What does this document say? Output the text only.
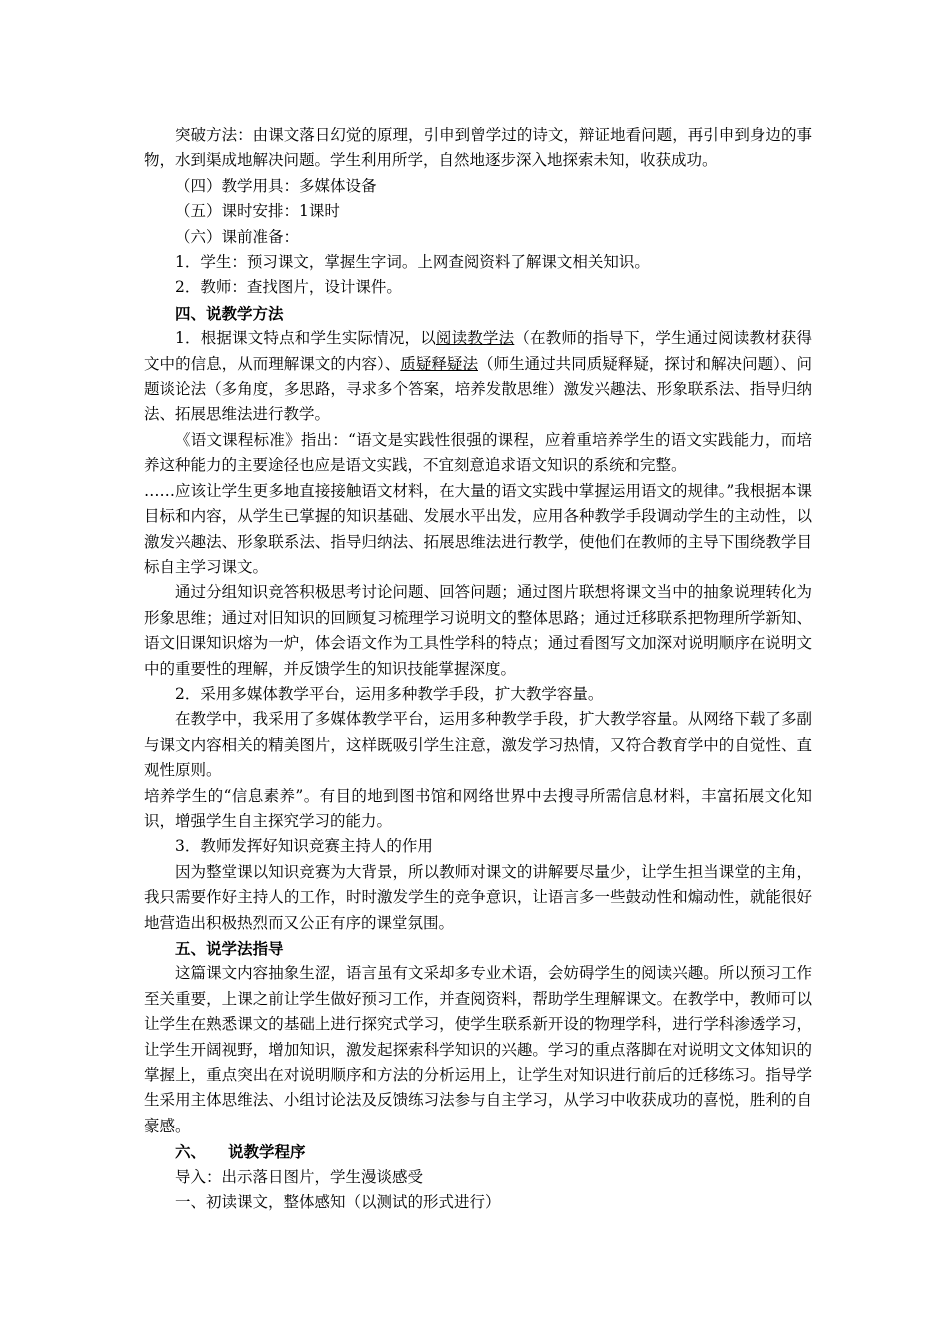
突破方法：由课文落日幻觉的原理，引申到曾学过的诗文，辩证地看问题，再引申到身边的事物，水到渠成地解决问题。学生利用所学，自然地逐步深入地探索未知，收获成功。

（四）教学用具：多媒体设备

（五）课时安排：1课时

（六）课前准备：

1．学生：预习课文，掌握生字词。上网查阅资料了解课文相关知识。

2．教师：查找图片，设计课件。

四、说教学方法

1．根据课文特点和学生实际情况，以阅读教学法（在教师的指导下，学生通过阅读教材获得文中的信息，从而理解课文的内容）、质疑释疑法（师生通过共同质疑释疑，探讨和解决问题）、问题谈论法（多角度，多思路，寻求多个答案，培养发散思维）激发兴趣法、形象联系法、指导归纳法、拓展思维法进行教学。

《语文课程标准》指出：“语文是实践性很强的课程，应着重培养学生的语文实践能力，而培养这种能力的主要途径也应是语文实践，不宜刻意追求语文知识的系统和完整。

……应该让学生更多地直接接触语文材料，在大量的语文实践中掌握运用语文的规律。”我根据本课目标和内容，从学生已掌握的知识基础、发展水平出发，应用各种教学手段调动学生的主动性，以激发兴趣法、形象联系法、指导归纳法、拓展思维法进行教学，使他们在教师的主导下围绕教学目标自主学习课文。

通过分组知识竞答积极思考讨论问题、回答问题；通过图片联想将课文当中的抽象说理转化为形象思维；通过对旧知识的回顾复习梳理学习说明文的整体思路；通过迁移联系把物理所学新知、语文旧课知识熔为一炉，体会语文作为工具性学科的特点；通过看图写文加深对说明顺序在说明文中的重要性的理解，并反馈学生的知识技能掌握深度。

2．采用多媒体教学平台，运用多种教学手段，扩大教学容量。

在教学中，我采用了多媒体教学平台，运用多种教学手段，扩大教学容量。从网络下载了多副与课文内容相关的精美图片，这样既吸引学生注意，激发学习热情，又符合教育学中的自觉性、直观性原则。

培养学生的“信息素养”。有目的地到图书馆和网络世界中去搜寻所需信息材料，丰富拓展文化知识，增强学生自主探究学习的能力。

3．教师发挥好知识竞赛主持人的作用

因为整堂课以知识竞赛为大背景，所以教师对课文的讲解要尽量少，让学生担当课堂的主角，我只需要作好主持人的工作，时时激发学生的竞争意识，让语言多一些鼓动性和煽动性，就能很好地营造出积极热烈而又公正有序的课堂氛围。

五、说学法指导

这篇课文内容抽象生涩，语言虽有文采却多专业术语，会妨碍学生的阅读兴趣。所以预习工作至关重要，上课之前让学生做好预习工作，并查阅资料，帮助学生理解课文。在教学中，教师可以让学生在熟悉课文的基础上进行探究式学习，使学生联系新开设的物理学科，进行学科渗透学习，让学生开阔视野，增加知识，激发起探索科学知识的兴趣。学习的重点落脚在对说明文文体知识的掌握上，重点突出在对说明顺序和方法的分析运用上，让学生对知识进行前后的迁移练习。指导学生采用主体思维法、小组讨论法及反馈练习法参与自主学习，从学习中收获成功的喜悦，胜利的自豪感。

六、 说教学程序

导入：出示落日图片，学生漫谈感受

一、初读课文，整体感知（以测试的形式进行）
